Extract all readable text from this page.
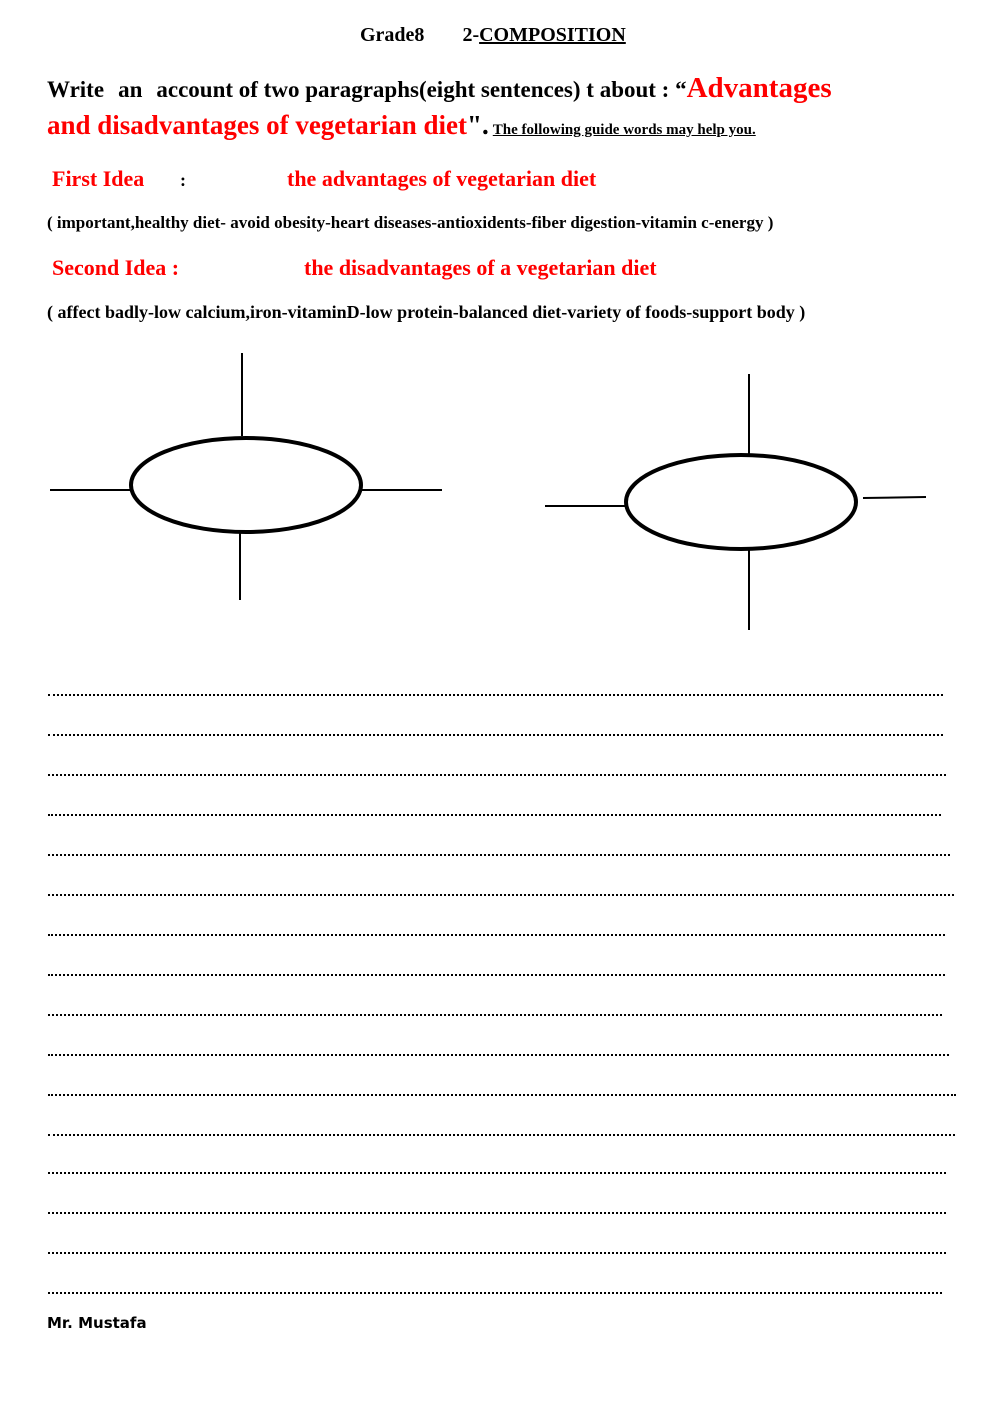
Grade8 2-COMPOSITION
Write an account of two paragraphs(eight sentences) t about : “Advantages
and disadvantages of vegetarian diet". The following guide words may help you.
First Idea :	the advantages of vegetarian diet
( important,healthy diet- avoid obesity-heart diseases-antioxidents-fiber digestion-vitamin c-energy )
Second Idea :	the disadvantages of a vegetarian diet
( affect badly-low calcium,iron-vitaminD-low protein-balanced diet-variety of foods-support body )
Mr. Mustafa
